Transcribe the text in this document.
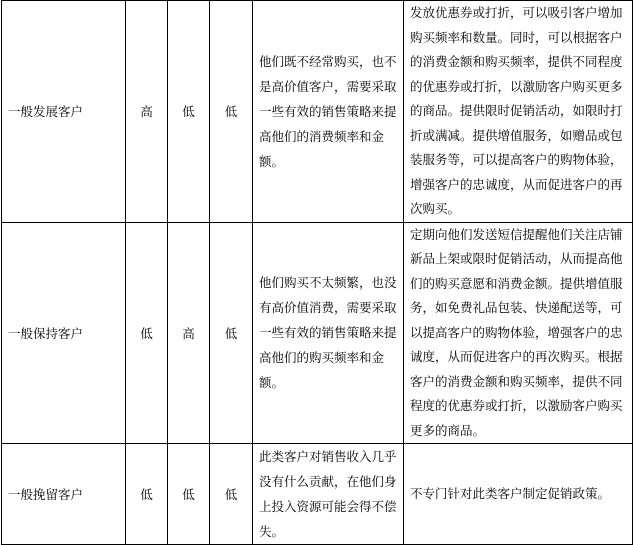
一般发展客户	高	低	低	他们既不经常购买，也不是高价值客户，需要采取一些有效的销售策略来提高他们的消费频率和金额。	发放优惠券或打折，可以吸引客户增加购买频率和数量。同时，可以根据客户的消费金额和购买频率，提供不同程度的优惠券或打折，以激励客户购买更多的商品。提供限时促销活动，如限时打折或满减。提供增值服务，如赠品或包装服务等，可以提高客户的购物体验，增强客户的忠诚度，从而促进客户的再次购买。
一般保持客户	低	高	低	他们购买不太频繁，也没有高价值消费，需要采取一些有效的销售策略来提高他们的购买频率和金额。	定期向他们发送短信提醒他们关注店铺新品上架或限时促销活动，从而提高他们的购买意愿和消费金额。提供增值服务，如免费礼品包装、快递配送等，可以提高客户的购物体验，增强客户的忠诚度，从而促进客户的再次购买。根据客户的消费金额和购买频率，提供不同程度的优惠券或打折，以激励客户购买更多的商品。
一般挽留客户	低	低	低	此类客户对销售收入几乎没有什么贡献，在他们身上投入资源可能会得不偿失。	不专门针对此类客户制定促销政策。
